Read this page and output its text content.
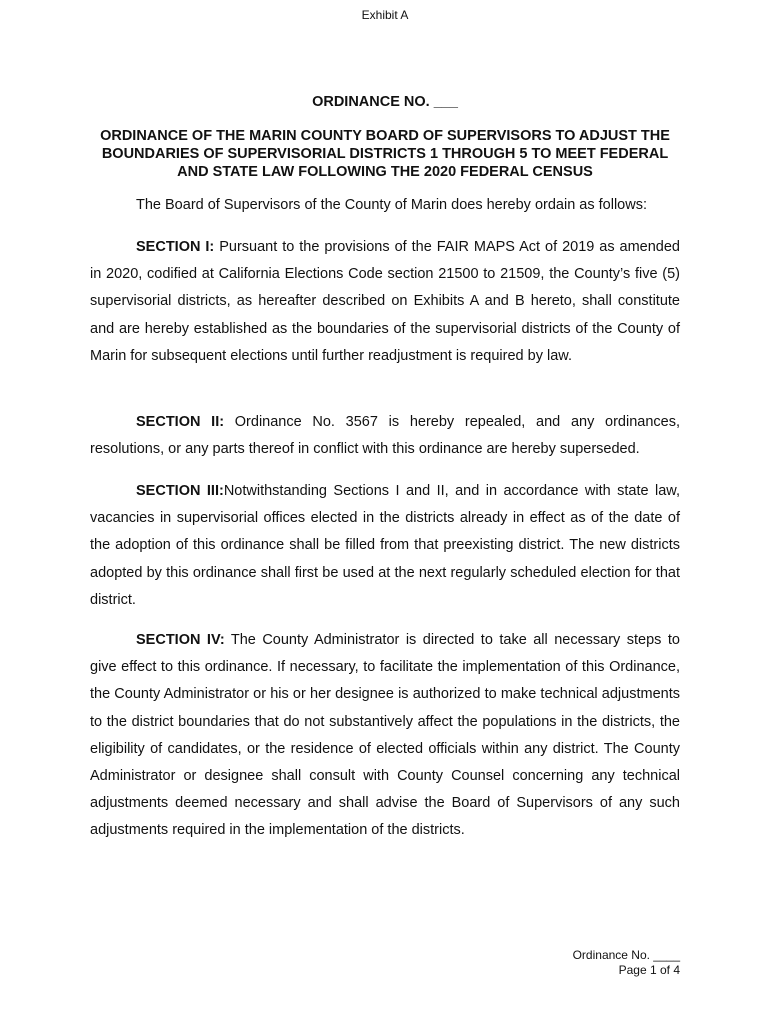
Exhibit A
ORDINANCE NO. ___
ORDINANCE OF THE MARIN COUNTY BOARD OF SUPERVISORS TO ADJUST THE BOUNDARIES OF SUPERVISORIAL DISTRICTS 1 THROUGH 5 TO MEET FEDERAL AND STATE LAW FOLLOWING THE 2020 FEDERAL CENSUS
The Board of Supervisors of the County of Marin does hereby ordain as follows:
SECTION I: Pursuant to the provisions of the FAIR MAPS Act of 2019 as amended in 2020, codified at California Elections Code section 21500 to 21509, the County’s five (5) supervisorial districts, as hereafter described on Exhibits A and B hereto, shall constitute and are hereby established as the boundaries of the supervisorial districts of the County of Marin for subsequent elections until further readjustment is required by law.
SECTION II: Ordinance No. 3567 is hereby repealed, and any ordinances, resolutions, or any parts thereof in conflict with this ordinance are hereby superseded.
SECTION III:Notwithstanding Sections I and II, and in accordance with state law, vacancies in supervisorial offices elected in the districts already in effect as of the date of the adoption of this ordinance shall be filled from that preexisting district. The new districts adopted by this ordinance shall first be used at the next regularly scheduled election for that district.
SECTION IV: The County Administrator is directed to take all necessary steps to give effect to this ordinance. If necessary, to facilitate the implementation of this Ordinance, the County Administrator or his or her designee is authorized to make technical adjustments to the district boundaries that do not substantively affect the populations in the districts, the eligibility of candidates, or the residence of elected officials within any district. The County Administrator or designee shall consult with County Counsel concerning any technical adjustments deemed necessary and shall advise the Board of Supervisors of any such adjustments required in the implementation of the districts.
Ordinance No. ____
Page 1 of 4
